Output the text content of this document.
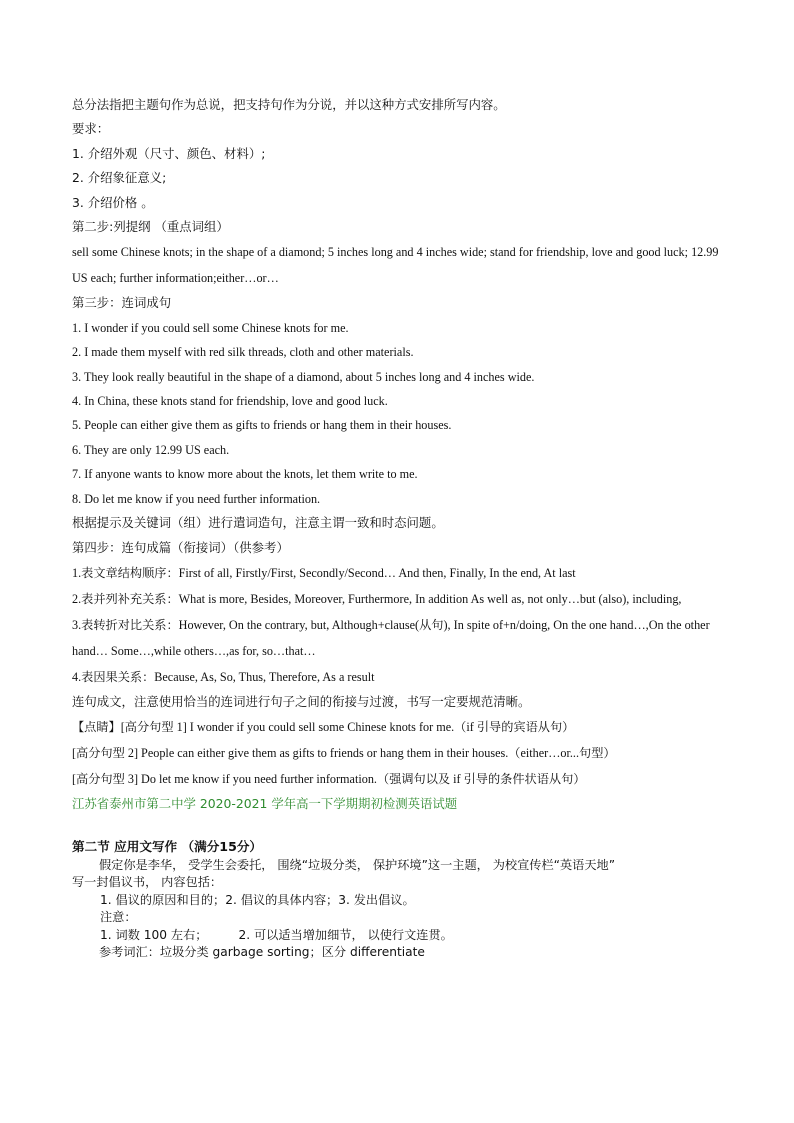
总分法指把主题句作为总说，把支持句作为分说，并以这种方式安排所写内容。
要求：
1. 介绍外观（尺寸、颜色、材料）;
2. 介绍象征意义;
3. 介绍价格 。
第二步:列提纲 （重点词组）
sell some Chinese knots; in the shape of a diamond; 5 inches long and 4 inches wide; stand for friendship, love and good luck; 12.99 US each; further information;either…or…
第三步：连词成句
1. I wonder if you could sell some Chinese knots for me.
2. I made them myself with red silk threads, cloth and other materials.
3. They look really beautiful in the shape of a diamond, about 5 inches long and 4 inches wide.
4. In China, these knots stand for friendship, love and good luck.
5. People can either give them as gifts to friends or hang them in their houses.
6. They are only 12.99 US each.
7. If anyone wants to know more about the knots, let them write to me.
8. Do let me know if you need further information.
根据提示及关键词（组）进行遣词造句，注意主谓一致和时态问题。
第四步：连句成篇（衔接词）（供参考）
1.表文章结构顺序：First of all, Firstly/First, Secondly/Second… And then, Finally, In the end, At last
2.表并列补充关系：What is more, Besides, Moreover, Furthermore, In addition As well as, not only…but (also), including,
3.表转折对比关系：However, On the contrary, but, Although+clause(从句), In spite of+n/doing, On the one hand…,On the other hand… Some…,while others…,as for, so…that…
4.表因果关系：Because, As, So, Thus, Therefore, As a result
连句成文，注意使用恰当的连词进行句子之间的衔接与过渡，书写一定要规范清晰。
【点睛】[高分句型 1] I wonder if you could sell some Chinese knots for me.（if 引导的宾语从句）
[高分句型 2] People can either give them as gifts to friends or hang them in their houses.（either…or...句型）
[高分句型 3] Do let me know if you need further information.（强调句以及 if 引导的条件状语从句）
江苏省泰州市第二中学 2020-2021 学年高一下学期期初检测英语试题
第二节 应用文写作 （满分15分）
假定你是李华， 受学生会委托， 围绕“垃圾分类， 保护环境”这一主题， 为校宣传栏“英语天地”
写一封倡议书， 内容包括：
1. 倡议的原因和目的；2. 倡议的具体内容；3. 发出倡议。
注意：
1. 词数 100 左右；        2. 可以适当增加细节， 以使行文连贯。
参考词汇：垃圾分类 garbage sorting；区分 differentiate
